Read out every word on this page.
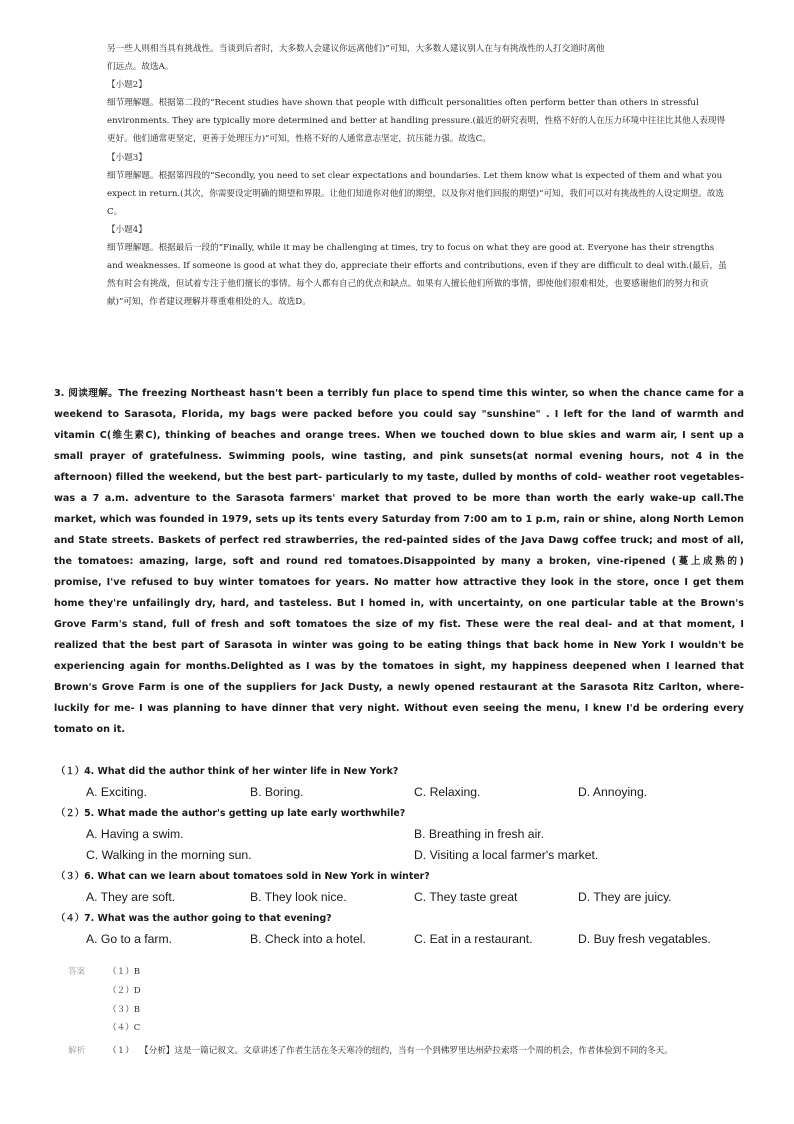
另一些人则相当具有挑战性。当谈到后者时，大多数人会建议你远离他们)”可知，大多数人建议别人在与有挑战性的人打交道时离他

们远点。故选A。

【小题2】

细节理解题。根据第二段的“Recent studies have shown that people with difficult personalities often perform better than others in stressful environments. They are typically more determined and better at handling pressure.(最近的研究表明，性格不好的人在压力环境中往往比其他人表现得更好。他们通常更坚定，更善于处理压力)”可知，性格不好的人通常意志坚定，抗压能力强。故选C。

【小题3】

细节理解题。根据第四段的“Secondly, you need to set clear expectations and boundaries. Let them know what is expected of them and what you expect in return.(其次，你需要设定明确的期望和界限。让他们知道你对他们的期望，以及你对他们回报的期望)”可知，我们可以对有挑战性的人设定期望。故选C。

【小题4】

细节理解题。根据最后一段的“Finally, while it may be challenging at times, try to focus on what they are good at. Everyone has their strengths and weaknesses. If someone is good at what they do, appreciate their efforts and contributions, even if they are difficult to deal with.(最后，虽然有时会有挑战，但试着专注于他们擅长的事情。每个人都有自己的优点和缺点。如果有人擅长他们所做的事情，即使他们很难相处，也要感谢他们的努力和贡献)”可知，作者建议理解并尊重难相处的人。故选D。

3. 阅读理解。The freezing Northeast hasn't been a terribly fun place to spend time this winter, so when the chance came for a weekend to Sarasota, Florida, my bags were packed before you could say "sunshine" . I left for the land of warmth and vitamin C(维生素C), thinking of beaches and orange trees. When we touched down to blue skies and warm air, I sent up a small prayer of gratefulness. Swimming pools, wine tasting, and pink sunsets(at normal evening hours, not 4 in the afternoon) filled the weekend, but the best part- particularly to my taste, dulled by months of cold- weather root vegetables- was a 7 a.m. adventure to the Sarasota farmers' market that proved to be more than worth the early wake-up call.The market, which was founded in 1979, sets up its tents every Saturday from 7:00 am to 1 p.m, rain or shine, along North Lemon and State streets. Baskets of perfect red strawberries, the red-painted sides of the Java Dawg coffee truck; and most of all, the tomatoes: amazing, large, soft and round red tomatoes.Disappointed by many a broken, vine-ripened (蔓上成熟的) promise, I've refused to buy winter tomatoes for years. No matter how attractive they look in the store, once I get them home they're unfailingly dry, hard, and tasteless. But I homed in, with uncertainty, on one particular table at the Brown's Grove Farm's stand, full of fresh and soft tomatoes the size of my fist. These were the real deal- and at that moment, I realized that the best part of Sarasota in winter was going to be eating things that back home in New York I wouldn't be experiencing again for months.Delighted as I was by the tomatoes in sight, my happiness deepened when I learned that Brown's Grove Farm is one of the suppliers for Jack Dusty, a newly opened restaurant at the Sarasota Ritz Carlton, where- luckily for me- I was planning to have dinner that very night. Without even seeing the menu, I knew I'd be ordering every tomato on it.

（１）4. What did the author think of her winter life in New York?
A. Exciting.	B. Boring.	C. Relaxing.	D. Annoying.
（２）5. What made the author's getting up late early worthwhile?
A. Having a swim.	B. Breathing in fresh air.
C. Walking in the morning sun.	D. Visiting a local farmer's market.
（３）6. What can we learn about tomatoes sold in New York in winter?
A. They are soft.	B. They look nice.	C. They taste great	D. They are juicy.
（４）7. What was the author going to that evening?
A. Go to a farm.	B. Check into a hotel.	C. Eat in a restaurant.	D. Buy fresh vegatables.
答案	（１）B
（２）D
（３）B
（４）C
解析	（１） 【分析】这是一篇记叙文。文章讲述了作者生活在冬天寒冷的纽约，当有一个到佛罗里达州萨拉索塔一个周的机会，作者体验到不同的冬天。
